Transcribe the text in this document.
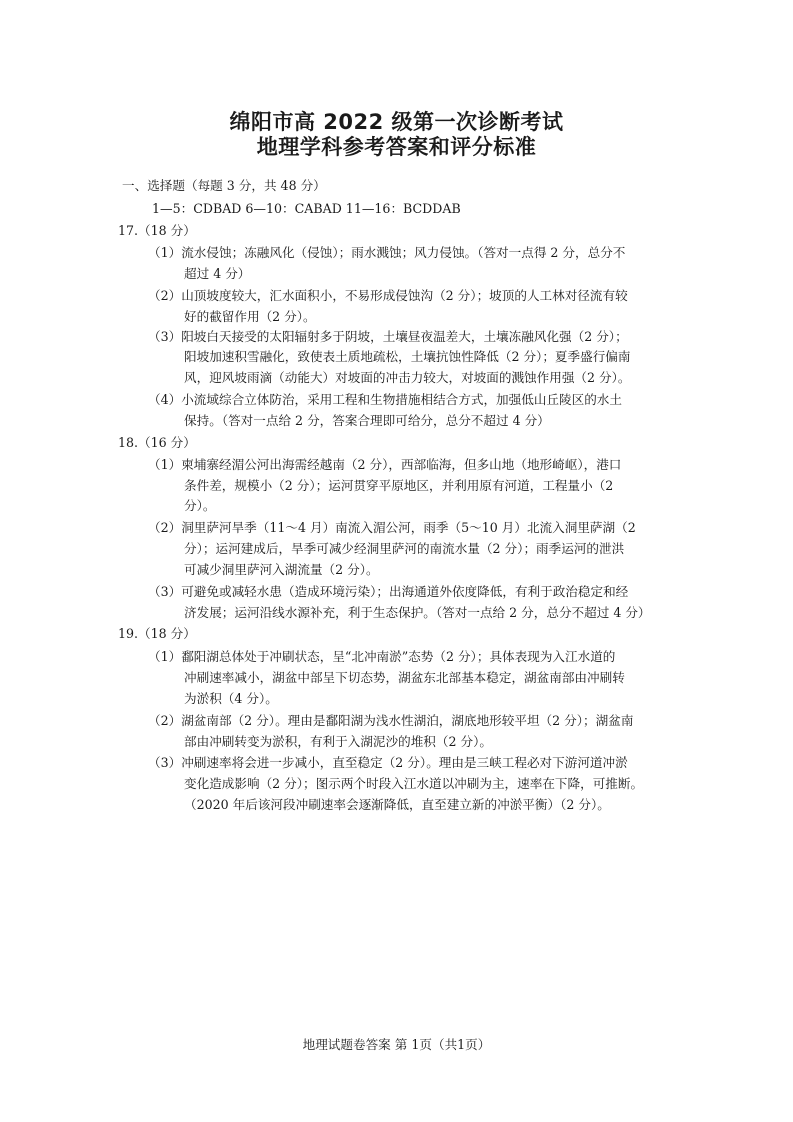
绵阳市高 2022 级第一次诊断考试
地理学科参考答案和评分标准
一、选择题（每题 3 分，共 48 分）
1—5：CDBAD 6—10：CABAD 11—16：BCDDAB
17.（18 分）
（1）流水侵蚀；冻融风化（侵蚀）；雨水溅蚀；风力侵蚀。（答对一点得 2 分，总分不
超过 4 分）
（2）山顶坡度较大，汇水面积小，不易形成侵蚀沟（2 分）；坡顶的人工林对径流有较
好的截留作用（2 分）。
（3）阳坡白天接受的太阳辐射多于阴坡，土壤昼夜温差大，土壤冻融风化强（2 分）；
阳坡加速积雪融化，致使表土质地疏松，土壤抗蚀性降低（2 分）；夏季盛行偏南
风，迎风坡雨滴（动能大）对坡面的冲击力较大，对坡面的溅蚀作用强（2 分）。
（4）小流域综合立体防治，采用工程和生物措施相结合方式，加强低山丘陵区的水土
保持。（答对一点给 2 分，答案合理即可给分，总分不超过 4 分）
18.（16 分）
（1）柬埔寨经湄公河出海需经越南（2 分），西部临海，但多山地（地形崎岖），港口
条件差，规模小（2 分）；运河贯穿平原地区，并利用原有河道，工程量小（2
分）。
（2）洞里萨河旱季（11～4 月）南流入湄公河，雨季（5～10 月）北流入洞里萨湖（2
分）；运河建成后，旱季可减少经洞里萨河的南流水量（2 分）；雨季运河的泄洪
可减少洞里萨河入湖流量（2 分）。
（3）可避免或减轻水患（造成环境污染）；出海通道外依度降低，有利于政治稳定和经
济发展；运河沿线水源补充，利于生态保护。（答对一点给 2 分，总分不超过 4 分）
19.（18 分）
（1）鄱阳湖总体处于冲刷状态，呈“北冲南淤”态势（2 分）；具体表现为入江水道的
冲刷速率减小，湖盆中部呈下切态势，湖盆东北部基本稳定，湖盆南部由冲刷转
为淤积（4 分）。
（2）湖盆南部（2 分）。理由是鄱阳湖为浅水性湖泊，湖底地形较平坦（2 分）；湖盆南
部由冲刷转变为淤积，有利于入湖泥沙的堆积（2 分）。
（3）冲刷速率将会进一步减小，直至稳定（2 分）。理由是三峡工程必对下游河道冲淤
变化造成影响（2 分）；图示两个时段入江水道以冲刷为主，速率在下降，可推断。
（2020 年后该河段冲刷速率会逐渐降低，直至建立新的冲淤平衡）（2 分）。
地理试题卷答案 第 1页（共1页）
